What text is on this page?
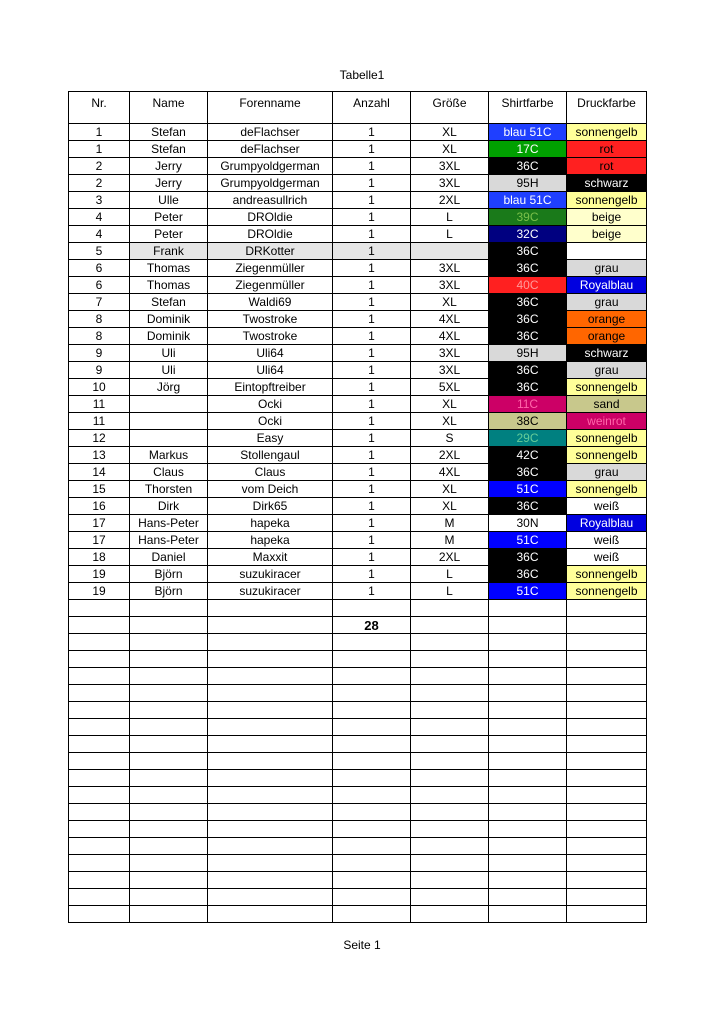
Tabelle1
Nr.	Name	Forenname	Anzahl	Größe	Shirtfarbe	Druckfarbe

1	Stefan	deFlachser	1	XL	blau 51C	sonnengelb
1	Stefan	deFlachser	1	XL	17C	rot
2	Jerry	Grumpyoldgerman	1	3XL	36C	rot
2	Jerry	Grumpyoldgerman	1	3XL	95H	schwarz
3	Ulle	andreasullrich	1	2XL	blau 51C	sonnengelb
4	Peter	DROldie	1	L	39C	beige
4	Peter	DROldie	1	L	32C	beige
5	Frank	DRKotter	1		36C	
6	Thomas	Ziegenmüller	1	3XL	36C	grau
6	Thomas	Ziegenmüller	1	3XL	40C	Royalblau
7	Stefan	Waldi69	1	XL	36C	grau
8	Dominik	Twostroke	1	4XL	36C	orange
8	Dominik	Twostroke	1	4XL	36C	orange
9	Uli	Uli64	1	3XL	95H	schwarz
9	Uli	Uli64	1	3XL	36C	grau
10	Jörg	Eintopftreiber	1	5XL	36C	sonnengelb
11		Ocki	1	XL	11C	sand
11		Ocki	1	XL	38C	weinrot
12		Easy	1	S	29C	sonnengelb
13	Markus	Stollengaul	1	2XL	42C	sonnengelb
14	Claus	Claus	1	4XL	36C	grau
15	Thorsten	vom Deich	1	XL	51C	sonnengelb
16	Dirk	Dirk65	1	XL	36C	weiß
17	Hans-Peter	hapeka	1	M	30N	Royalblau
17	Hans-Peter	hapeka	1	M	51C	weiß
18	Daniel	Maxxit	1	2XL	36C	weiß
19	Björn	suzukiracer	1	L	36C	sonnengelb
19	Björn	suzukiracer	1	L	51C	sonnengelb

			28			

Seite 1
